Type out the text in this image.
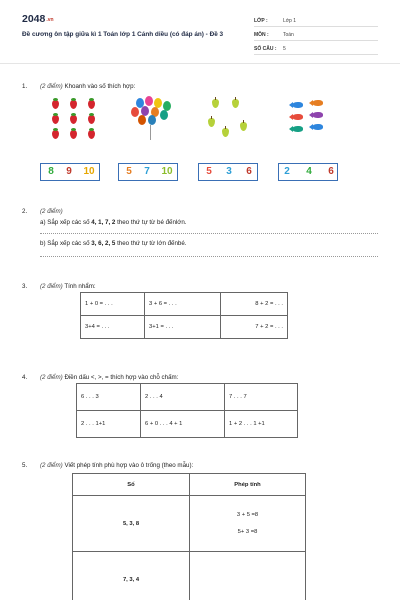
2048.vn
Đề cương ôn tập giữa kì 1 Toán lớp 1 Cánh diều (có đáp án) - Đề 3
LỚP :	Lớp 1
MÔN :	Toán
SỐ CÂU : 5
1. (2 điểm) Khoanh vào số thích hợp:
8	9	10	5	7	10	5	3	6	2	4	6
2. (2 điểm)
a) Sắp xếp các số 4, 1, 7, 2 theo thứ tự từ bé đếnlớn.
b) Sắp xếp các số 3, 6, 2, 5 theo thứ tự từ lớn đếnbé.
3. (2 điểm) Tính nhẩm:
1 + 0 = . . .	3 + 6 = . . .	8 + 2 = . . .
3+4 = . . .	3+1 = . . .	7 + 2 = . . .
4. (2 điểm) Điền dấu <, >, = thích hợp vào chỗ chấm:
6 . . . 3	2 . . . 4	7 . . . 7
2 . . . 1+1	6 + 0 . . . 4 + 1	1 + 2 . . . 1 +1
5. (2 điểm) Viết phép tính phù hợp vào ô trống (theo mẫu):
Số	Phép tính
5, 3, 8	3 + 5 =8
5+ 3 =8

7, 3, 4	
